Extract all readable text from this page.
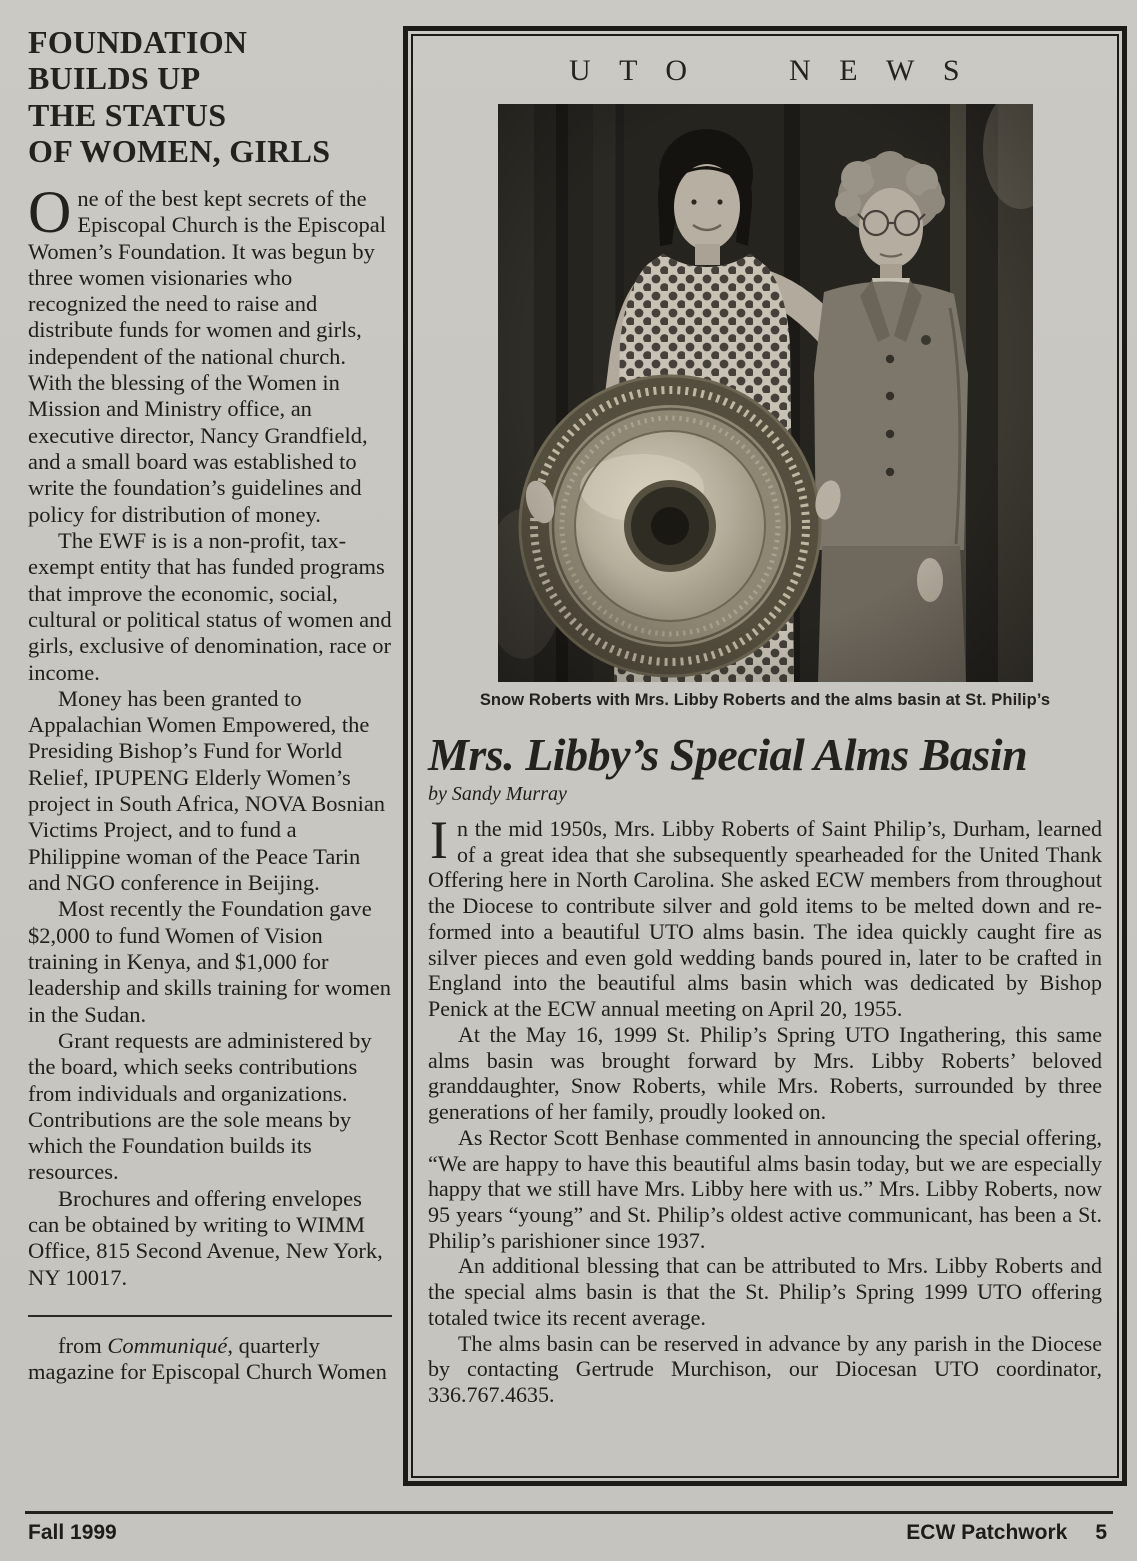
FOUNDATION
BUILDS UP
THE STATUS
OF WOMEN, GIRLS

One of the best kept secrets of the Episcopal Church is the Episcopal Women’s Foundation. It was begun by three women visionaries who recognized the need to raise and distribute funds for women and girls, independent of the national church. With the blessing of the Women in Mission and Ministry office, an executive director, Nancy Grandfield, and a small board was established to write the foundation’s guidelines and policy for distribution of money.

The EWF is is a non-profit, tax-exempt entity that has funded programs that improve the economic, social, cultural or political status of women and girls, exclusive of denomination, race or income.

Money has been granted to Appalachian Women Empowered, the Presiding Bishop’s Fund for World Relief, IPUPENG Elderly Women’s project in South Africa, NOVA Bosnian Victims Project, and to fund a Philippine woman of the Peace Tarin and NGO conference in Beijing.

Most recently the Foundation gave $2,000 to fund Women of Vision training in Kenya, and $1,000 for leadership and skills training for women in the Sudan.

Grant requests are administered by the board, which seeks contributions from individuals and organizations. Contributions are the sole means by which the Foundation builds its resources.

Brochures and offering envelopes can be obtained by writing to WIMM Office, 815 Second Avenue, New York, NY 10017.

from Communiqué, quarterly magazine for Episcopal Church Women

UTO NEWS
Snow Roberts with Mrs. Libby Roberts and the alms basin at St. Philip’s
Mrs. Libby’s Special Alms Basin
by Sandy Murray

In the mid 1950s, Mrs. Libby Roberts of Saint Philip’s, Durham, learned of a great idea that she subsequently spearheaded for the United Thank Offering here in North Carolina. She asked ECW members from throughout the Diocese to contribute silver and gold items to be melted down and re-formed into a beautiful UTO alms basin. The idea quickly caught fire as silver pieces and even gold wedding bands poured in, later to be crafted in England into the beautiful alms basin which was dedicated by Bishop Penick at the ECW annual meeting on April 20, 1955.

At the May 16, 1999 St. Philip’s Spring UTO Ingathering, this same alms basin was brought forward by Mrs. Libby Roberts’ beloved granddaughter, Snow Roberts, while Mrs. Roberts, surrounded by three generations of her family, proudly looked on.

As Rector Scott Benhase commented in announcing the special offering, “We are happy to have this beautiful alms basin today, but we are especially happy that we still have Mrs. Libby here with us.” Mrs. Libby Roberts, now 95 years “young” and St. Philip’s oldest active communicant, has been a St. Philip’s parishioner since 1937.

An additional blessing that can be attributed to Mrs. Libby Roberts and the special alms basin is that the St. Philip’s Spring 1999 UTO offering totaled twice its recent average.

The alms basin can be reserved in advance by any parish in the Diocese by contacting Gertrude Murchison, our Diocesan UTO coordinator, 336.767.4635.

Fall 1999	ECW Patchwork 5
